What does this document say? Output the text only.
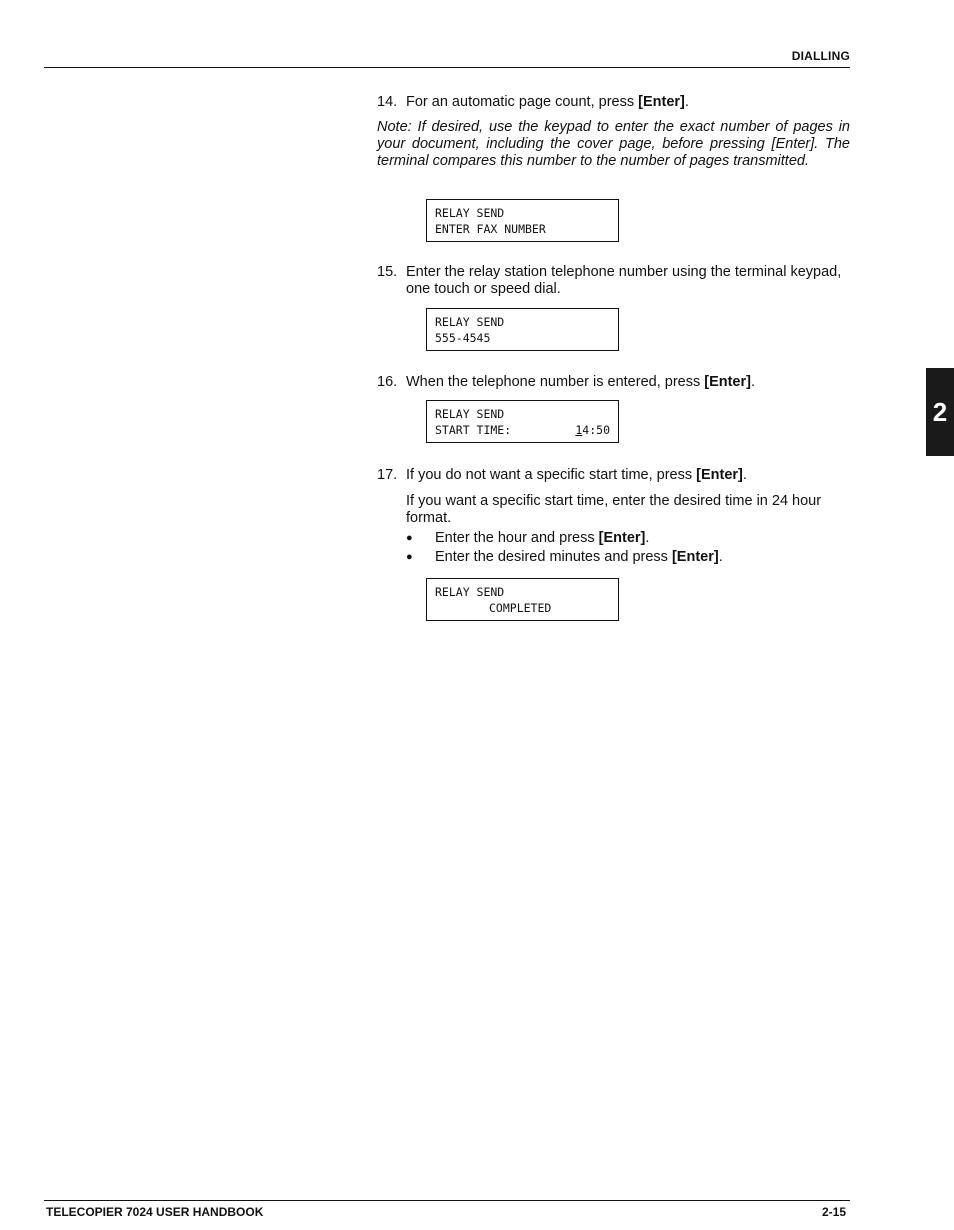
DIALLING
2
14. For an automatic page count, press [Enter].
Note: If desired, use the keypad to enter the exact number of pages in your document, including the cover page, before pressing [Enter]. The terminal compares this number to the number of pages transmitted.
RELAY SEND
ENTER FAX NUMBER
15. Enter the relay station telephone number using the terminal keypad, one touch or speed dial.
RELAY SEND
555-4545
16. When the telephone number is entered, press [Enter].
RELAY SEND
START TIME:	14:50
17. If you do not want a specific start time, press [Enter].
If you want a specific start time, enter the desired time in 24 hour format.
●	Enter the hour and press [Enter].
●	Enter the desired minutes and press [Enter].
RELAY SEND
COMPLETED
TELECOPIER 7024 USER HANDBOOK	2-15
